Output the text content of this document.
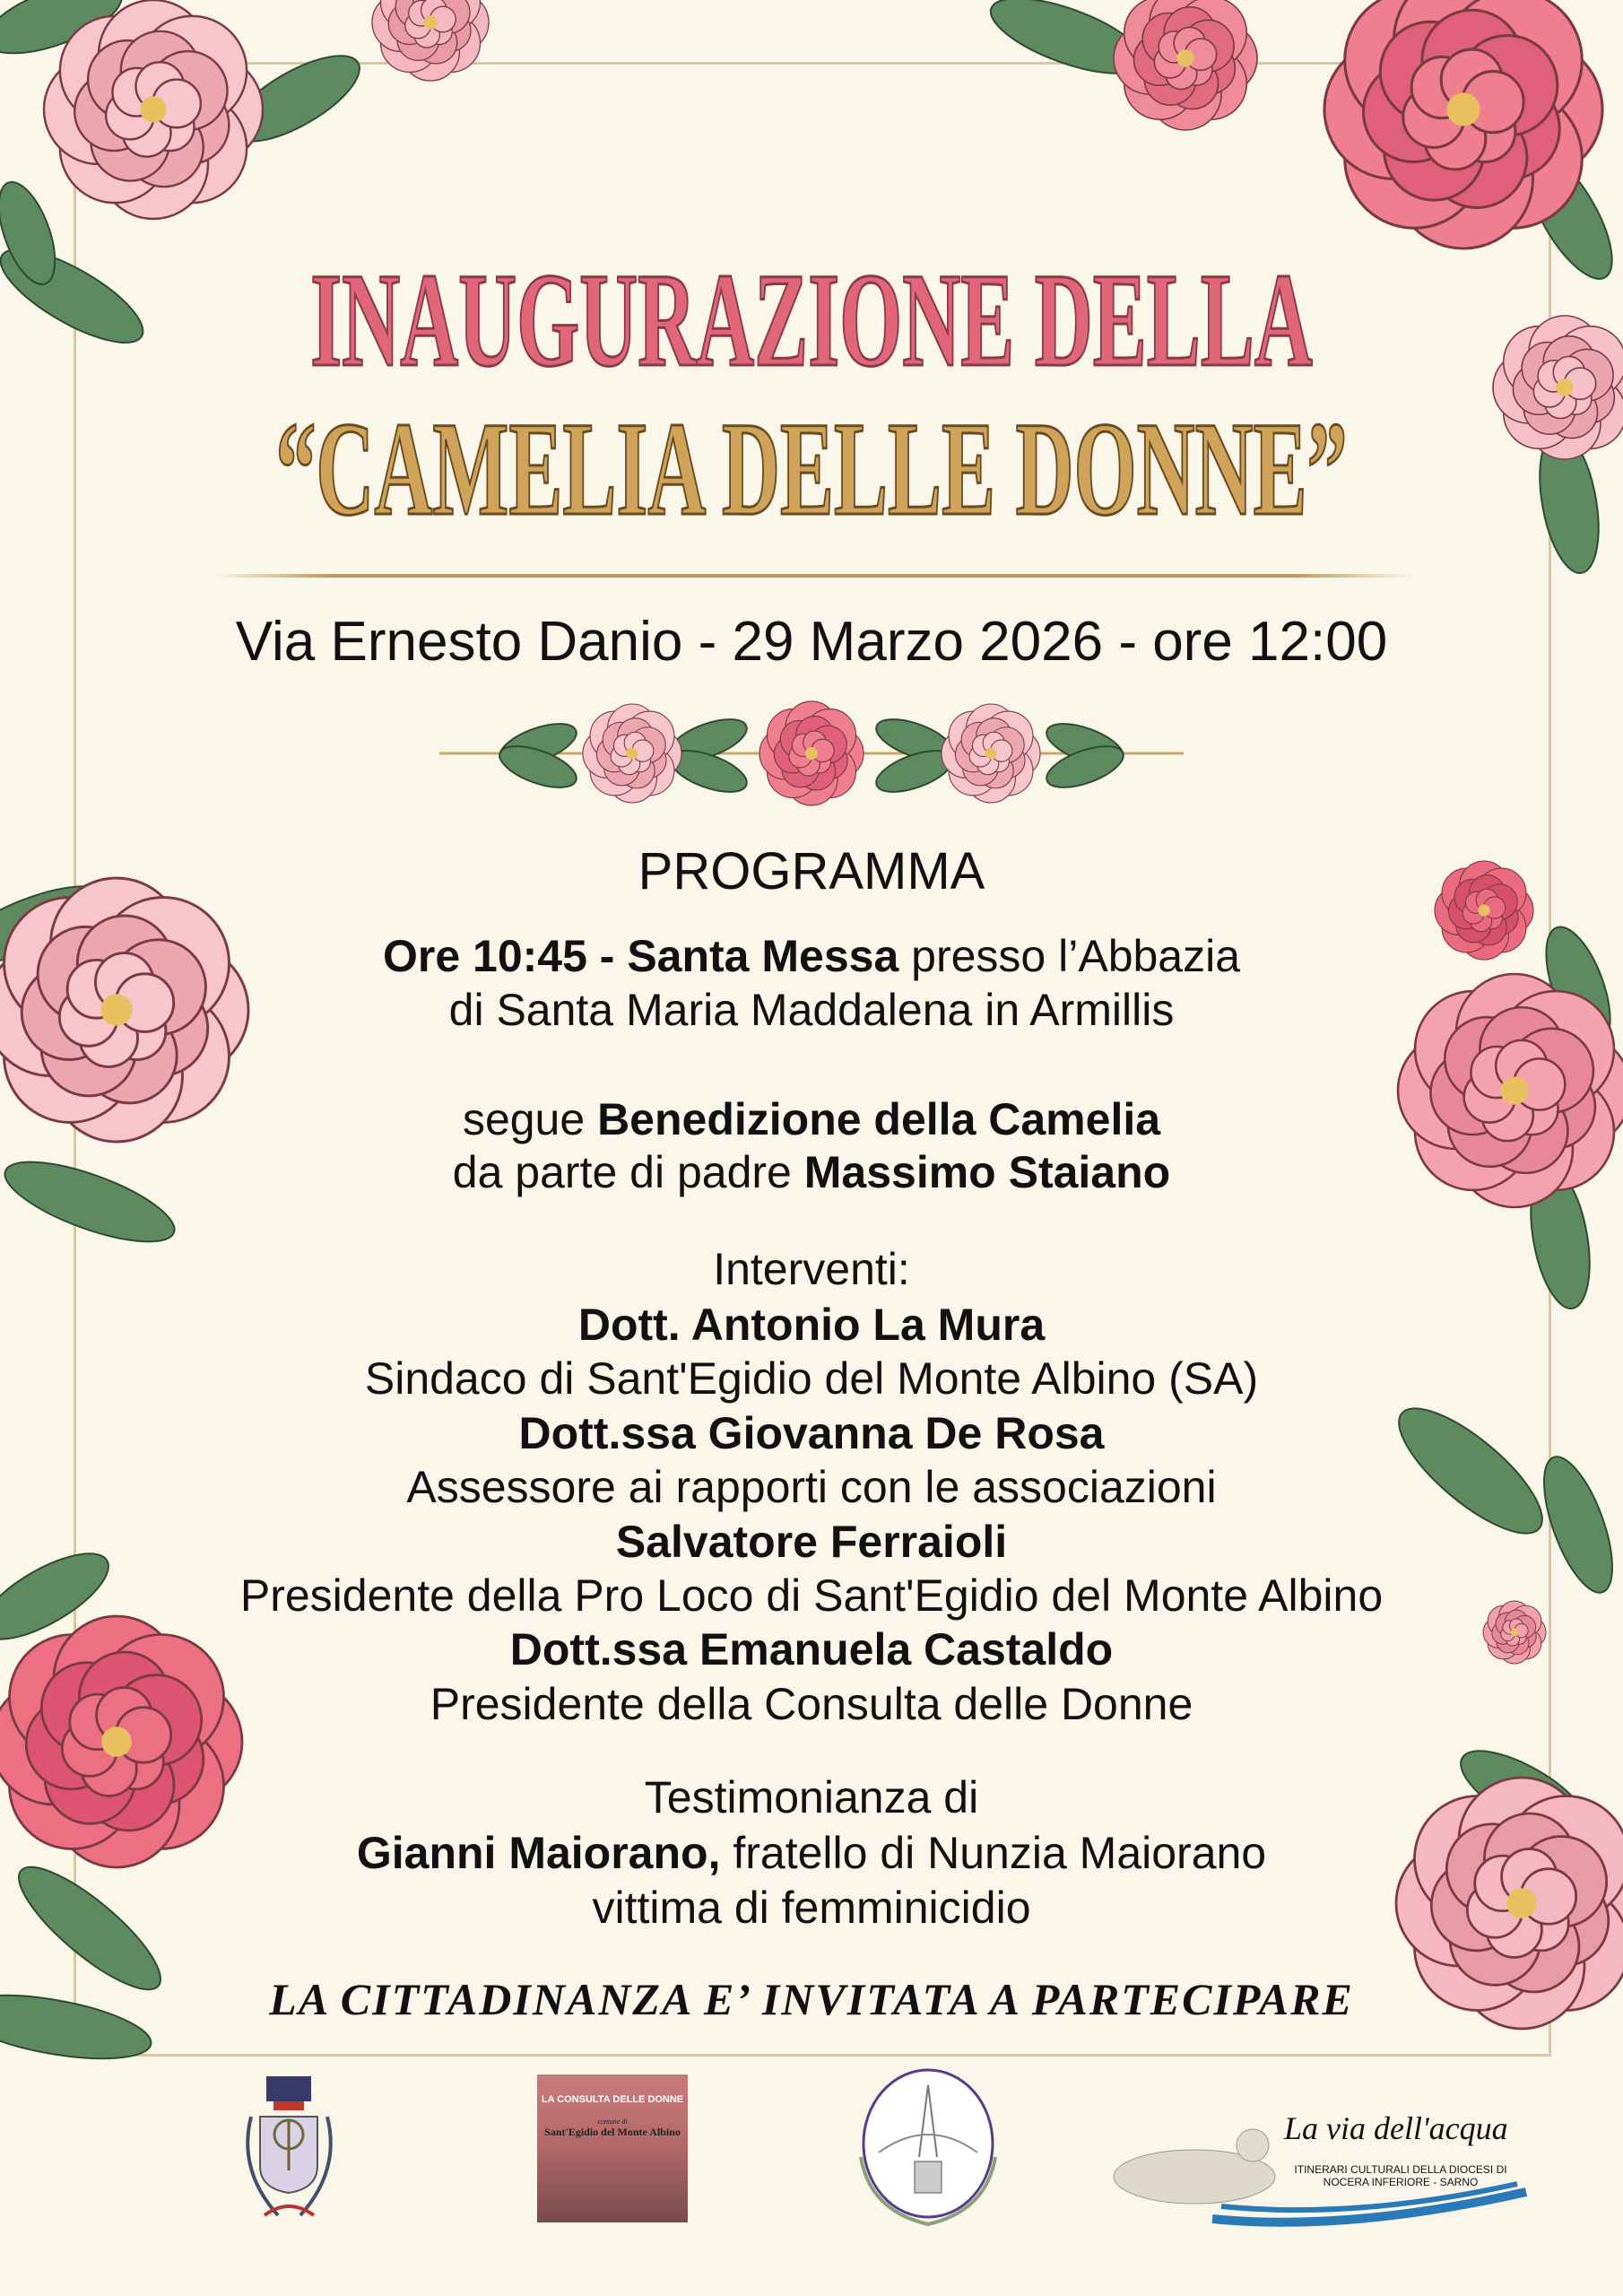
INAUGURAZIONE DELLA
“CAMELIA DELLE DONNE”
Via Ernesto Danio - 29 Marzo 2026 - ore 12:00
PROGRAMMA
Ore 10:45 - Santa Messa presso l’Abbazia
di Santa Maria Maddalena in Armillis
segue Benedizione della Camelia
da parte di padre Massimo Staiano
Interventi:
Dott. Antonio La Mura
Sindaco di Sant'Egidio del Monte Albino (SA)
Dott.ssa Giovanna De Rosa
Assessore ai rapporti con le associazioni
Salvatore Ferraioli
Presidente della Pro Loco di Sant'Egidio del Monte Albino
Dott.ssa Emanuela Castaldo
Presidente della Consulta delle Donne
Testimonianza di
Gianni Maiorano, fratello di Nunzia Maiorano
vittima di femminicidio
LA CITTADINANZA E’ INVITATA A PARTECIPARE
LA CONSULTA DELLE DONNE
comune di
Sant'Egidio del Monte Albino	La via dell'acqua
ITINERARI CULTURALI DELLA DIOCESI DI NOCERA INFERIORE - SARNO
